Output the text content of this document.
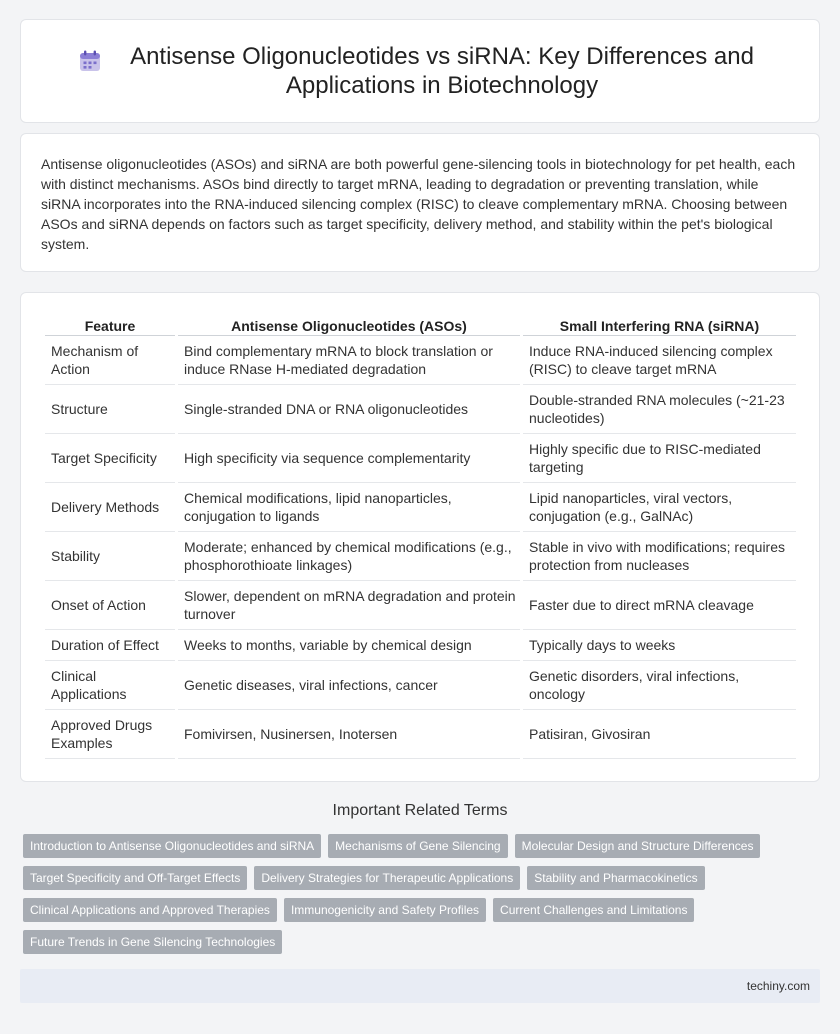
Antisense Oligonucleotides vs siRNA: Key Differences and Applications in Biotechnology

Antisense oligonucleotides (ASOs) and siRNA are both powerful gene-silencing tools in biotechnology for pet health, each with distinct mechanisms. ASOs bind directly to target mRNA, leading to degradation or preventing translation, while siRNA incorporates into the RNA-induced silencing complex (RISC) to cleave complementary mRNA. Choosing between ASOs and siRNA depends on factors such as target specificity, delivery method, and stability within the pet's biological system.

Feature	Antisense Oligonucleotides (ASOs)	Small Interfering RNA (siRNA)
Mechanism of Action	Bind complementary mRNA to block translation or induce RNase H-mediated degradation	Induce RNA-induced silencing complex (RISC) to cleave target mRNA
Structure	Single-stranded DNA or RNA oligonucleotides	Double-stranded RNA molecules (~21-23 nucleotides)
Target Specificity	High specificity via sequence complementarity	Highly specific due to RISC-mediated targeting
Delivery Methods	Chemical modifications, lipid nanoparticles, conjugation to ligands	Lipid nanoparticles, viral vectors, conjugation (e.g., GalNAc)
Stability	Moderate; enhanced by chemical modifications (e.g., phosphorothioate linkages)	Stable in vivo with modifications; requires protection from nucleases
Onset of Action	Slower, dependent on mRNA degradation and protein turnover	Faster due to direct mRNA cleavage
Duration of Effect	Weeks to months, variable by chemical design	Typically days to weeks
Clinical Applications	Genetic diseases, viral infections, cancer	Genetic disorders, viral infections, oncology
Approved Drugs Examples	Fomivirsen, Nusinersen, Inotersen	Patisiran, Givosiran
Important Related Terms
Introduction to Antisense Oligonucleotides and siRNA	Mechanisms of Gene Silencing	Molecular Design and Structure Differences
Target Specificity and Off-Target Effects	Delivery Strategies for Therapeutic Applications	Stability and Pharmacokinetics
Clinical Applications and Approved Therapies	Immunogenicity and Safety Profiles	Current Challenges and Limitations
Future Trends in Gene Silencing Technologies
techiny.com
